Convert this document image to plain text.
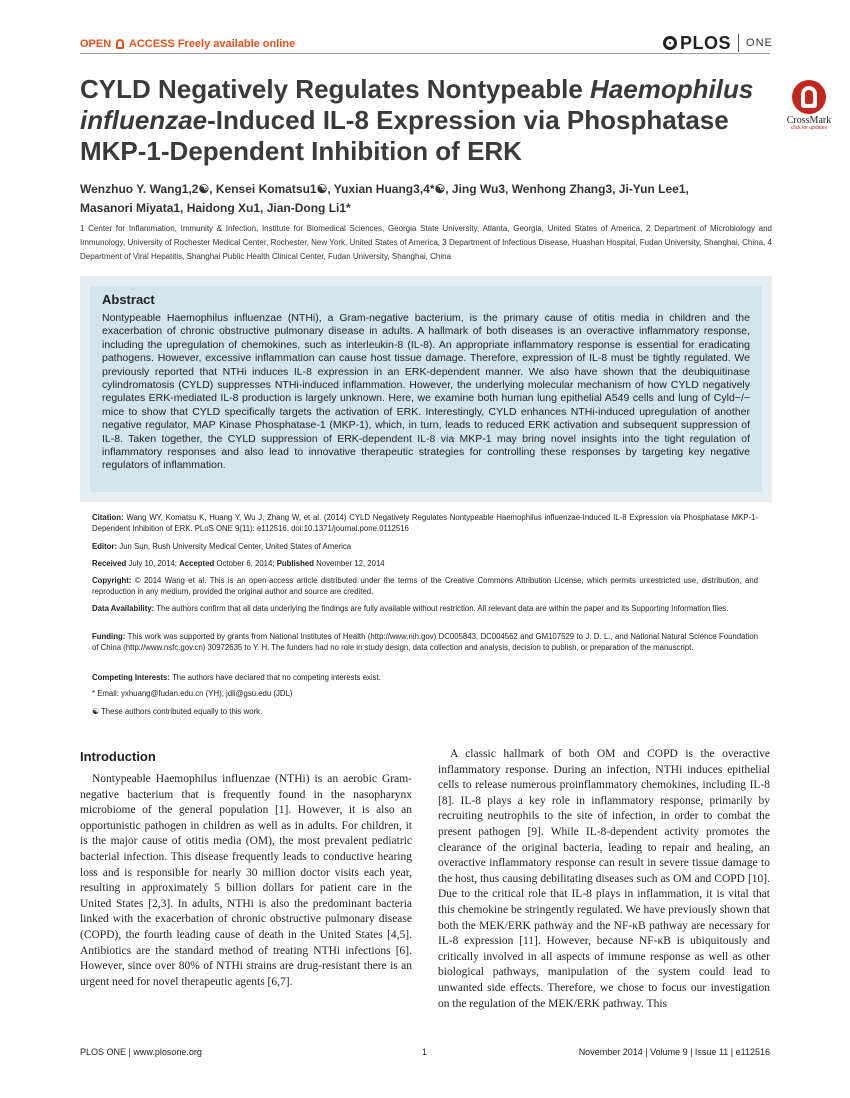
OPEN ACCESS Freely available online	PLOS ONE
CrossMark
click for updates
CYLD Negatively Regulates Nontypeable Haemophilus
influenzae-Induced IL-8 Expression via Phosphatase
MKP-1-Dependent Inhibition of ERK
Wenzhuo Y. Wang1,2☯, Kensei Komatsu1☯, Yuxian Huang3,4*☯, Jing Wu3, Wenhong Zhang3, Ji-Yun Lee1,
Masanori Miyata1, Haidong Xu1, Jian-Dong Li1*
1 Center for Inflammation, Immunity & Infection, Institute for Biomedical Sciences, Georgia State University, Atlanta, Georgia, United States of America, 2 Department of Microbiology and Immunology, University of Rochester Medical Center, Rochester, New York, United States of America, 3 Department of Infectious Disease, Huashan Hospital, Fudan University, Shanghai, China, 4 Department of Viral Hepatitis, Shanghai Public Health Clinical Center, Fudan University, Shanghai, China
Abstract
Nontypeable Haemophilus influenzae (NTHi), a Gram-negative bacterium, is the primary cause of otitis media in children and the exacerbation of chronic obstructive pulmonary disease in adults. A hallmark of both diseases is an overactive inflammatory response, including the upregulation of chemokines, such as interleukin-8 (IL-8). An appropriate inflammatory response is essential for eradicating pathogens. However, excessive inflammation can cause host tissue damage. Therefore, expression of IL-8 must be tightly regulated. We previously reported that NTHi induces IL-8 expression in an ERK-dependent manner. We also have shown that the deubiquitinase cylindromatosis (CYLD) suppresses NTHi-induced inflammation. However, the underlying molecular mechanism of how CYLD negatively regulates ERK-mediated IL-8 production is largely unknown. Here, we examine both human lung epithelial A549 cells and lung of Cyld−/− mice to show that CYLD specifically targets the activation of ERK. Interestingly, CYLD enhances NTHi-induced upregulation of another negative regulator, MAP Kinase Phosphatase-1 (MKP-1), which, in turn, leads to reduced ERK activation and subsequent suppression of IL-8. Taken together, the CYLD suppression of ERK-dependent IL-8 via MKP-1 may bring novel insights into the tight regulation of inflammatory responses and also lead to innovative therapeutic strategies for controlling these responses by targeting key negative regulators of inflammation.
Citation: Wang WY, Komatsu K, Huang Y, Wu J, Zhang W, et al. (2014) CYLD Negatively Regulates Nontypeable Haemophilus influenzae-Induced IL-8 Expression via Phosphatase MKP-1-Dependent Inhibition of ERK. PLoS ONE 9(11): e112516. doi:10.1371/journal.pone.0112516
Editor: Jun Sun, Rush University Medical Center, United States of America
Received July 10, 2014; Accepted October 6, 2014; Published November 12, 2014
Copyright: © 2014 Wang et al. This is an open-access article distributed under the terms of the Creative Commons Attribution License, which permits unrestricted use, distribution, and reproduction in any medium, provided the original author and source are credited.
Data Availability: The authors confirm that all data underlying the findings are fully available without restriction. All relevant data are within the paper and its Supporting Information files.
Funding: This work was supported by grants from National Institutes of Health (http://www.nih.gov) DC005843, DC004562 and GM107529 to J. D. L., and National Natural Science Foundation of China (http://www.nsfc.gov.cn) 30972635 to Y. H. The funders had no role in study design, data collection and analysis, decision to publish, or preparation of the manuscript.
Competing Interests: The authors have declared that no competing interests exist.
* Email: yxhuang@fudan.edu.cn (YH); jdli@gsu.edu (JDL)
☯ These authors contributed equally to this work.
Introduction
Nontypeable Haemophilus influenzae (NTHi) is an aerobic Gram-negative bacterium that is frequently found in the nasopharynx microbiome of the general population [1]. However, it is also an opportunistic pathogen in children as well as in adults. For children, it is the major cause of otitis media (OM), the most prevalent pediatric bacterial infection. This disease frequently leads to conductive hearing loss and is responsible for nearly 30 million doctor visits each year, resulting in approximately 5 billion dollars for patient care in the United States [2,3]. In adults, NTHi is also the predominant bacteria linked with the exacerbation of chronic obstructive pulmonary disease (COPD), the fourth leading cause of death in the United States [4,5]. Antibiotics are the standard method of treating NTHi infections [6]. However, since over 80% of NTHi strains are drug-resistant there is an urgent need for novel therapeutic agents [6,7].
A classic hallmark of both OM and COPD is the overactive inflammatory response. During an infection, NTHi induces epithelial cells to release numerous proinflammatory chemokines, including IL-8 [8]. IL-8 plays a key role in inflammatory response, primarily by recruiting neutrophils to the site of infection, in order to combat the present pathogen [9]. While IL-8-dependent activity promotes the clearance of the original bacteria, leading to repair and healing, an overactive inflammatory response can result in severe tissue damage to the host, thus causing debilitating diseases such as OM and COPD [10]. Due to the critical role that IL-8 plays in inflammation, it is vital that this chemokine be stringently regulated. We have previously shown that both the MEK/ERK pathway and the NF-κB pathway are necessary for IL-8 expression [11]. However, because NF-κB is ubiquitously and critically involved in all aspects of immune response as well as other biological pathways, manipulation of the system could lead to unwanted side effects. Therefore, we chose to focus our investigation on the regulation of the MEK/ERK pathway. This
PLOS ONE | www.plosone.org	1	November 2014 | Volume 9 | Issue 11 | e112516
